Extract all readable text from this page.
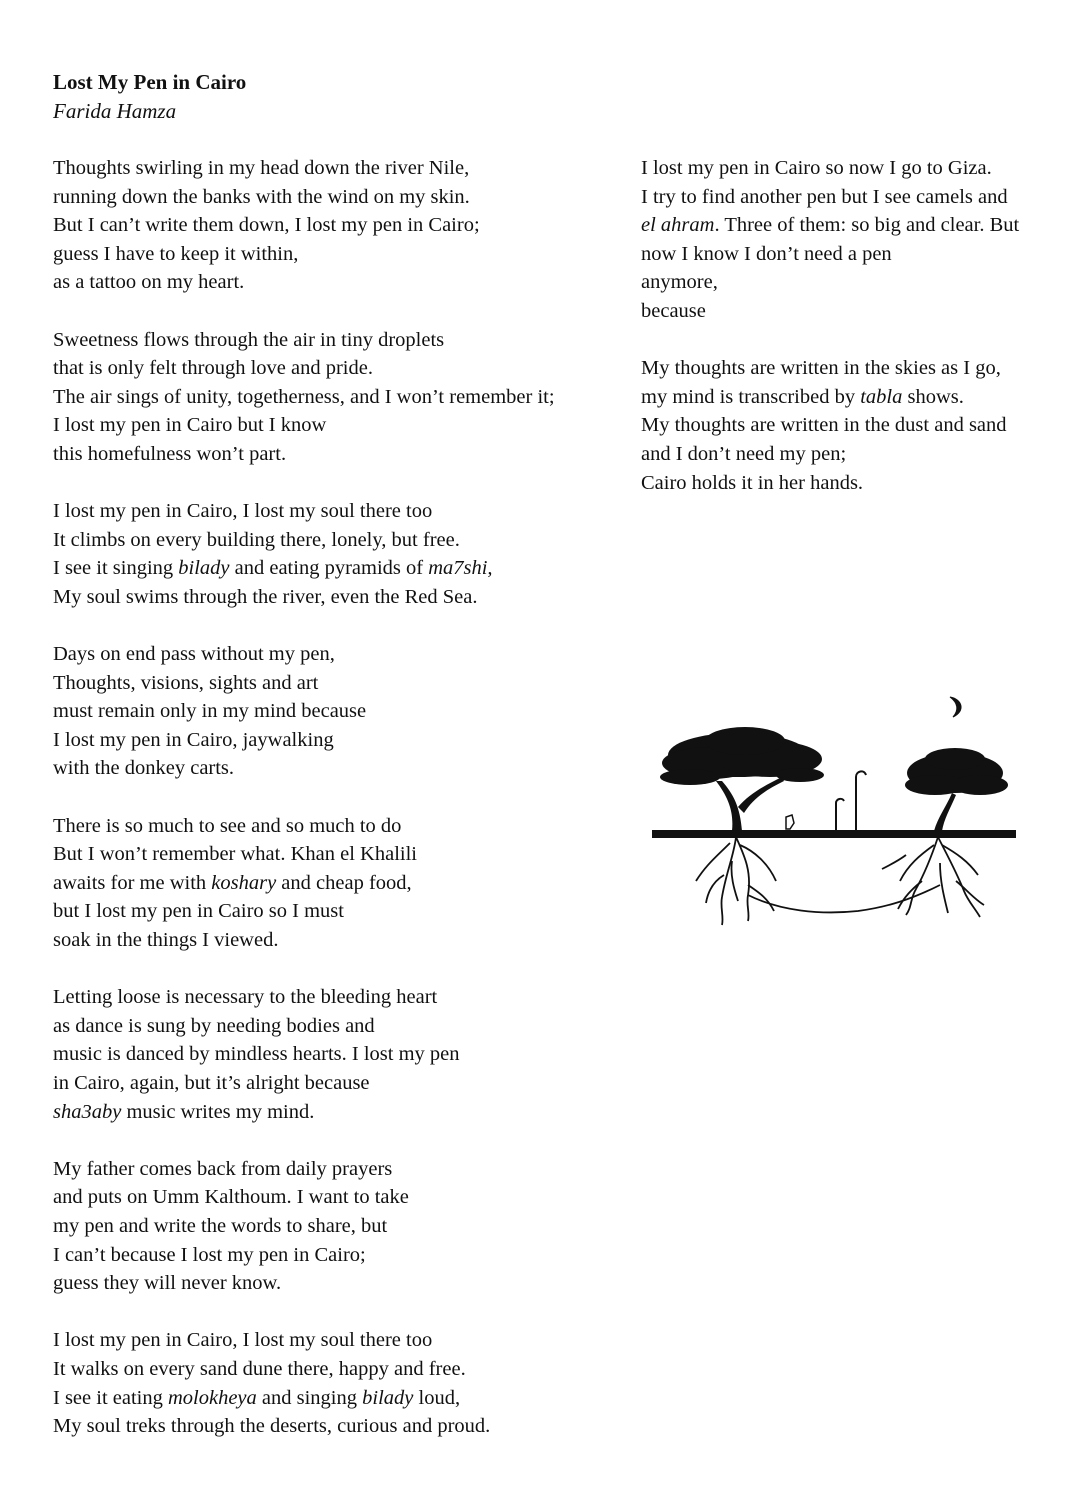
Lost My Pen in Cairo
Farida Hamza
Thoughts swirling in my head down the river Nile,
running down the banks with the wind on my skin.
But I can’t write them down, I lost my pen in Cairo;
guess I have to keep it within,
as a tattoo on my heart.
Sweetness flows through the air in tiny droplets
that is only felt through love and pride.
The air sings of unity, togetherness, and I won’t remember it;
I lost my pen in Cairo but I know
this homefulness won’t part.
I lost my pen in Cairo, I lost my soul there too
It climbs on every building there, lonely, but free.
I see it singing bilady and eating pyramids of ma7shi,
My soul swims through the river, even the Red Sea.
Days on end pass without my pen,
Thoughts, visions, sights and art
must remain only in my mind because
I lost my pen in Cairo, jaywalking
with the donkey carts.
There is so much to see and so much to do
But I won’t remember what. Khan el Khalili
awaits for me with koshary and cheap food,
but I lost my pen in Cairo so I must
soak in the things I viewed.
Letting loose is necessary to the bleeding heart
as dance is sung by needing bodies and
music is danced by mindless hearts. I lost my pen
in Cairo, again, but it’s alright because
sha3aby music writes my mind.
My father comes back from daily prayers
and puts on Umm Kalthoum. I want to take
my pen and write the words to share, but
I can’t because I lost my pen in Cairo;
guess they will never know.
I lost my pen in Cairo, I lost my soul there too
It walks on every sand dune there, happy and free.
I see it eating molokheya and singing bilady loud,
My soul treks through the deserts, curious and proud.
I lost my pen in Cairo so now I go to Giza.
I try to find another pen but I see camels and
el ahram. Three of them: so big and clear. But
now I know I don’t need a pen
anymore,
because
My thoughts are written in the skies as I go,
my mind is transcribed by tabla shows.
My thoughts are written in the dust and sand
and I don’t need my pen;
Cairo holds it in her hands.
